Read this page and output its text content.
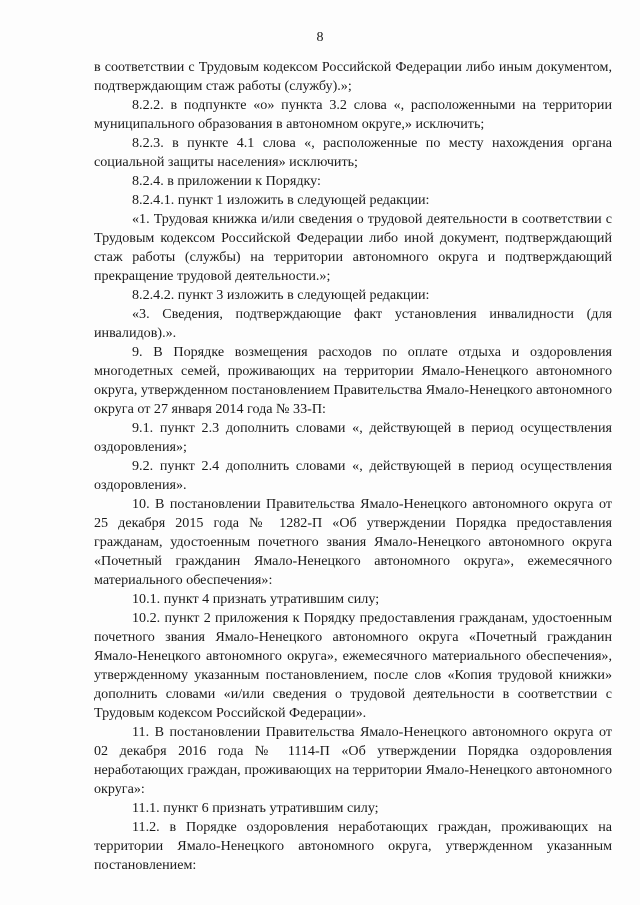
8

в соответствии с Трудовым кодексом Российской Федерации либо иным документом, подтверждающим стаж работы (службу).»;

8.2.2. в подпункте «о» пункта 3.2 слова «, расположенными на территории муниципального образования в автономном округе,» исключить;

8.2.3. в пункте 4.1 слова «, расположенные по месту нахождения органа социальной защиты населения» исключить;

8.2.4. в приложении к Порядку:

8.2.4.1. пункт 1 изложить в следующей редакции:

«1. Трудовая книжка и/или сведения о трудовой деятельности в соответствии с Трудовым кодексом Российской Федерации либо иной документ, подтверждающий стаж работы (службы) на территории автономного округа и подтверждающий прекращение трудовой деятельности.»;

8.2.4.2. пункт 3 изложить в следующей редакции:

«3. Сведения, подтверждающие факт установления инвалидности (для инвалидов).».

9. В Порядке возмещения расходов по оплате отдыха и оздоровления многодетных семей, проживающих на территории Ямало-Ненецкого автономного округа, утвержденном постановлением Правительства Ямало-Ненецкого автономного округа от 27 января 2014 года № 33-П:

9.1. пункт 2.3 дополнить словами «, действующей в период осуществления оздоровления»;

9.2. пункт 2.4 дополнить словами «, действующей в период осуществления оздоровления».

10. В постановлении Правительства Ямало-Ненецкого автономного округа от 25 декабря 2015 года № 1282-П «Об утверждении Порядка предоставления гражданам, удостоенным почетного звания Ямало-Ненецкого автономного округа «Почетный гражданин Ямало-Ненецкого автономного округа», ежемесячного материального обеспечения»:

10.1. пункт 4 признать утратившим силу;

10.2. пункт 2 приложения к Порядку предоставления гражданам, удостоенным почетного звания Ямало-Ненецкого автономного округа «Почетный гражданин Ямало-Ненецкого автономного округа», ежемесячного материального обеспечения», утвержденному указанным постановлением, после слов «Копия трудовой книжки» дополнить словами «и/или сведения о трудовой деятельности в соответствии с Трудовым кодексом Российской Федерации».

11. В постановлении Правительства Ямало-Ненецкого автономного округа от 02 декабря 2016 года № 1114-П «Об утверждении Порядка оздоровления неработающих граждан, проживающих на территории Ямало-Ненецкого автономного округа»:

11.1. пункт 6 признать утратившим силу;

11.2. в Порядке оздоровления неработающих граждан, проживающих на территории Ямало-Ненецкого автономного округа, утвержденном указанным постановлением:
